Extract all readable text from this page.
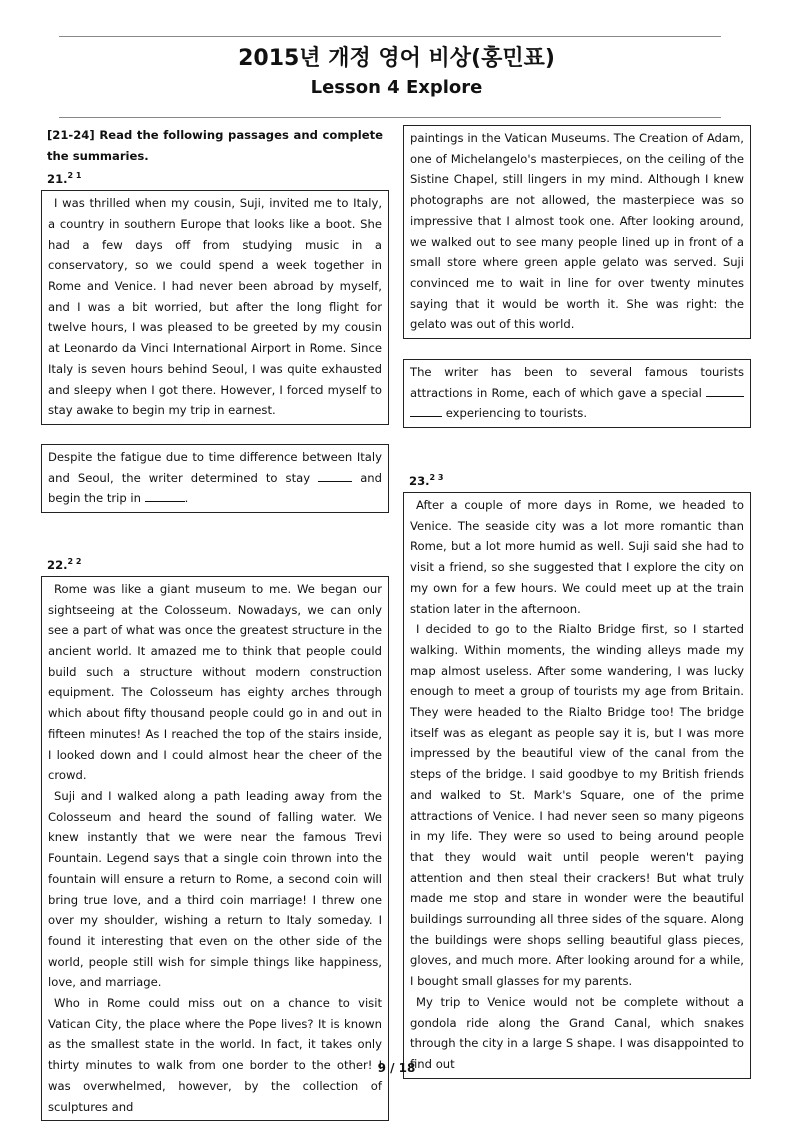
2015년 개정 영어 비상(홍민표)
Lesson 4 Explore

[21-24] Read the following passages and complete the summaries.

21.$^{2 1}$

I was thrilled when my cousin, Suji, invited me to Italy, a country in southern Europe that looks like a boot. She had a few days off from studying music in a conservatory, so we could spend a week together in Rome and Venice. I had never been abroad by myself, and I was a bit worried, but after the long flight for twelve hours, I was pleased to be greeted by my cousin at Leonardo da Vinci International Airport in Rome. Since Italy is seven hours behind Seoul, I was quite exhausted and sleepy when I got there. However, I forced myself to stay awake to begin my trip in earnest.

Despite the fatigue due to time difference between Italy and Seoul, the writer determined to stay	and begin the trip in	.

22.$^{2 2}$

Rome was like a giant museum to me. We began our sightseeing at the Colosseum. Nowadays, we can only see a part of what was once the greatest structure in the ancient world. It amazed me to think that people could build such a structure without modern construction equipment. The Colosseum has eighty arches through which about fifty thousand people could go in and out in fifteen minutes! As I reached the top of the stairs inside, I looked down and I could almost hear the cheer of the crowd.

Suji and I walked along a path leading away from the Colosseum and heard the sound of falling water. We knew instantly that we were near the famous Trevi Fountain. Legend says that a single coin thrown into the fountain will ensure a return to Rome, a second coin will bring true love, and a third coin marriage! I threw one over my shoulder, wishing a return to Italy someday. I found it interesting that even on the other side of the world, people still wish for simple things like happiness, love, and marriage.

Who in Rome could miss out on a chance to visit Vatican City, the place where the Pope lives? It is known as the smallest state in the world. In fact, it takes only thirty minutes to walk from one border to the other! I was overwhelmed, however, by the collection of sculptures and

paintings in the Vatican Museums. The Creation of Adam, one of Michelangelo's masterpieces, on the ceiling of the Sistine Chapel, still lingers in my mind. Although I knew photographs are not allowed, the masterpiece was so impressive that I almost took one. After looking around, we walked out to see many people lined up in front of a small store where green apple gelato was served. Suji convinced me to wait in line for over twenty minutes saying that it would be worth it. She was right: the gelato was out of this world.

The writer has been to several famous tourists attractions in Rome, each of which gave a special   experiencing to tourists.

23.$^{2 3}$

After a couple of more days in Rome, we headed to Venice. The seaside city was a lot more romantic than Rome, but a lot more humid as well. Suji said she had to visit a friend, so she suggested that I explore the city on my own for a few hours. We could meet up at the train station later in the afternoon.

I decided to go to the Rialto Bridge first, so I started walking. Within moments, the winding alleys made my map almost useless. After some wandering, I was lucky enough to meet a group of tourists my age from Britain. They were headed to the Rialto Bridge too! The bridge itself was as elegant as people say it is, but I was more impressed by the beautiful view of the canal from the steps of the bridge. I said goodbye to my British friends and walked to St. Mark's Square, one of the prime attractions of Venice. I had never seen so many pigeons in my life. They were so used to being around people that they would wait until people weren't paying attention and then steal their crackers! But what truly made me stop and stare in wonder were the beautiful buildings surrounding all three sides of the square. Along the buildings were shops selling beautiful glass pieces, gloves, and much more. After looking around for a while, I bought small glasses for my parents.

My trip to Venice would not be complete without a gondola ride along the Grand Canal, which snakes through the city in a large S shape. I was disappointed to find out

9 / 18
